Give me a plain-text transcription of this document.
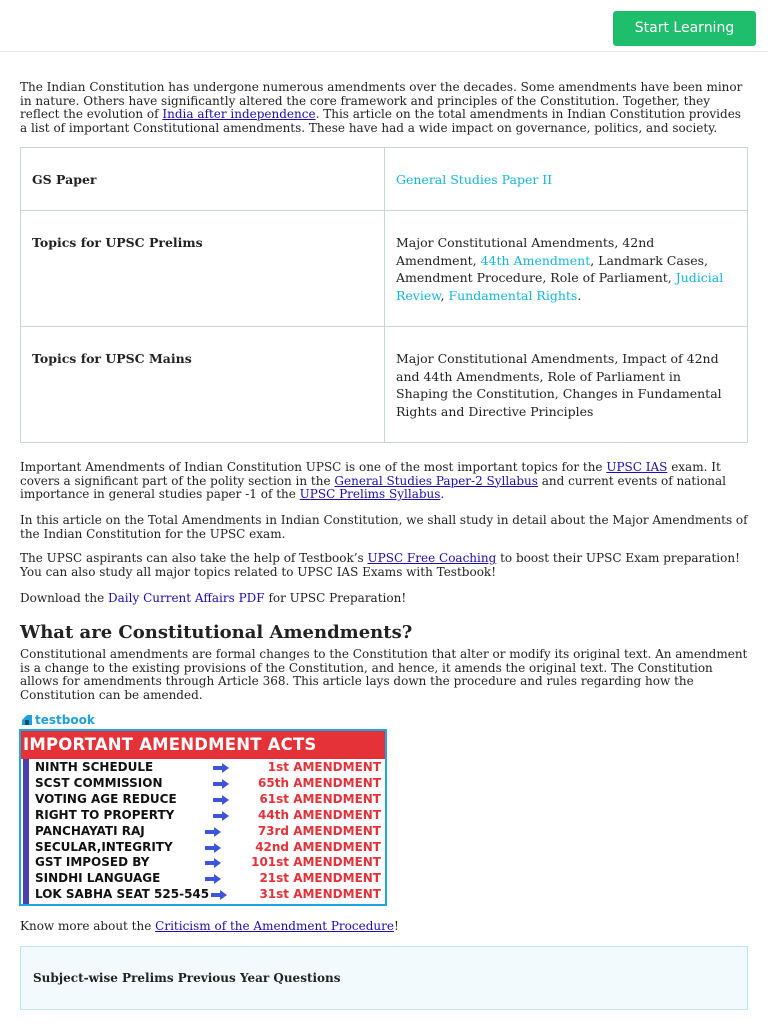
Start Learning

The Indian Constitution has undergone numerous amendments over the decades. Some amendments have been minor in nature. Others have significantly altered the core framework and principles of the Constitution. Together, they reflect the evolution of India after independence. This article on the total amendments in Indian Constitution provides a list of important Constitutional amendments. These have had a wide impact on governance, politics, and society.

GS Paper	General Studies Paper II
Topics for UPSC Prelims	Major Constitutional Amendments, 42nd Amendment, 44th Amendment, Landmark Cases, Amendment Procedure, Role of Parliament, Judicial Review, Fundamental Rights.
Topics for UPSC Mains	Major Constitutional Amendments, Impact of 42nd and 44th Amendments, Role of Parliament in Shaping the Constitution, Changes in Fundamental Rights and Directive Principles

Important Amendments of Indian Constitution UPSC is one of the most important topics for the UPSC IAS exam. It covers a significant part of the polity section in the General Studies Paper-2 Syllabus and current events of national importance in general studies paper -1 of the UPSC Prelims Syllabus.

In this article on the Total Amendments in Indian Constitution, we shall study in detail about the Major Amendments of the Indian Constitution for the UPSC exam.

The UPSC aspirants can also take the help of Testbook’s UPSC Free Coaching to boost their UPSC Exam preparation! You can also study all major topics related to UPSC IAS Exams with Testbook!

Download the Daily Current Affairs PDF for UPSC Preparation!

What are Constitutional Amendments?

Constitutional amendments are formal changes to the Constitution that alter or modify its original text. An amendment is a change to the existing provisions of the Constitution, and hence, it amends the original text. The Constitution allows for amendments through Article 368. This article lays down the procedure and rules regarding how the Constitution can be amended.

testbook
IMPORTANT AMENDMENT ACTS
NINTH SCHEDULE	1st AMENDMENT
SCST COMMISSION	65th AMENDMENT
VOTING AGE REDUCE	61st AMENDMENT
RIGHT TO PROPERTY	44th AMENDMENT
PANCHAYATI RAJ	73rd AMENDMENT
SECULAR,INTEGRITY	42nd AMENDMENT
GST IMPOSED BY	101st AMENDMENT
SINDHI LANGUAGE	21st AMENDMENT
LOK SABHA SEAT 525-545	31st AMENDMENT

Know more about the Criticism of the Amendment Procedure!

Subject-wise Prelims Previous Year Questions
